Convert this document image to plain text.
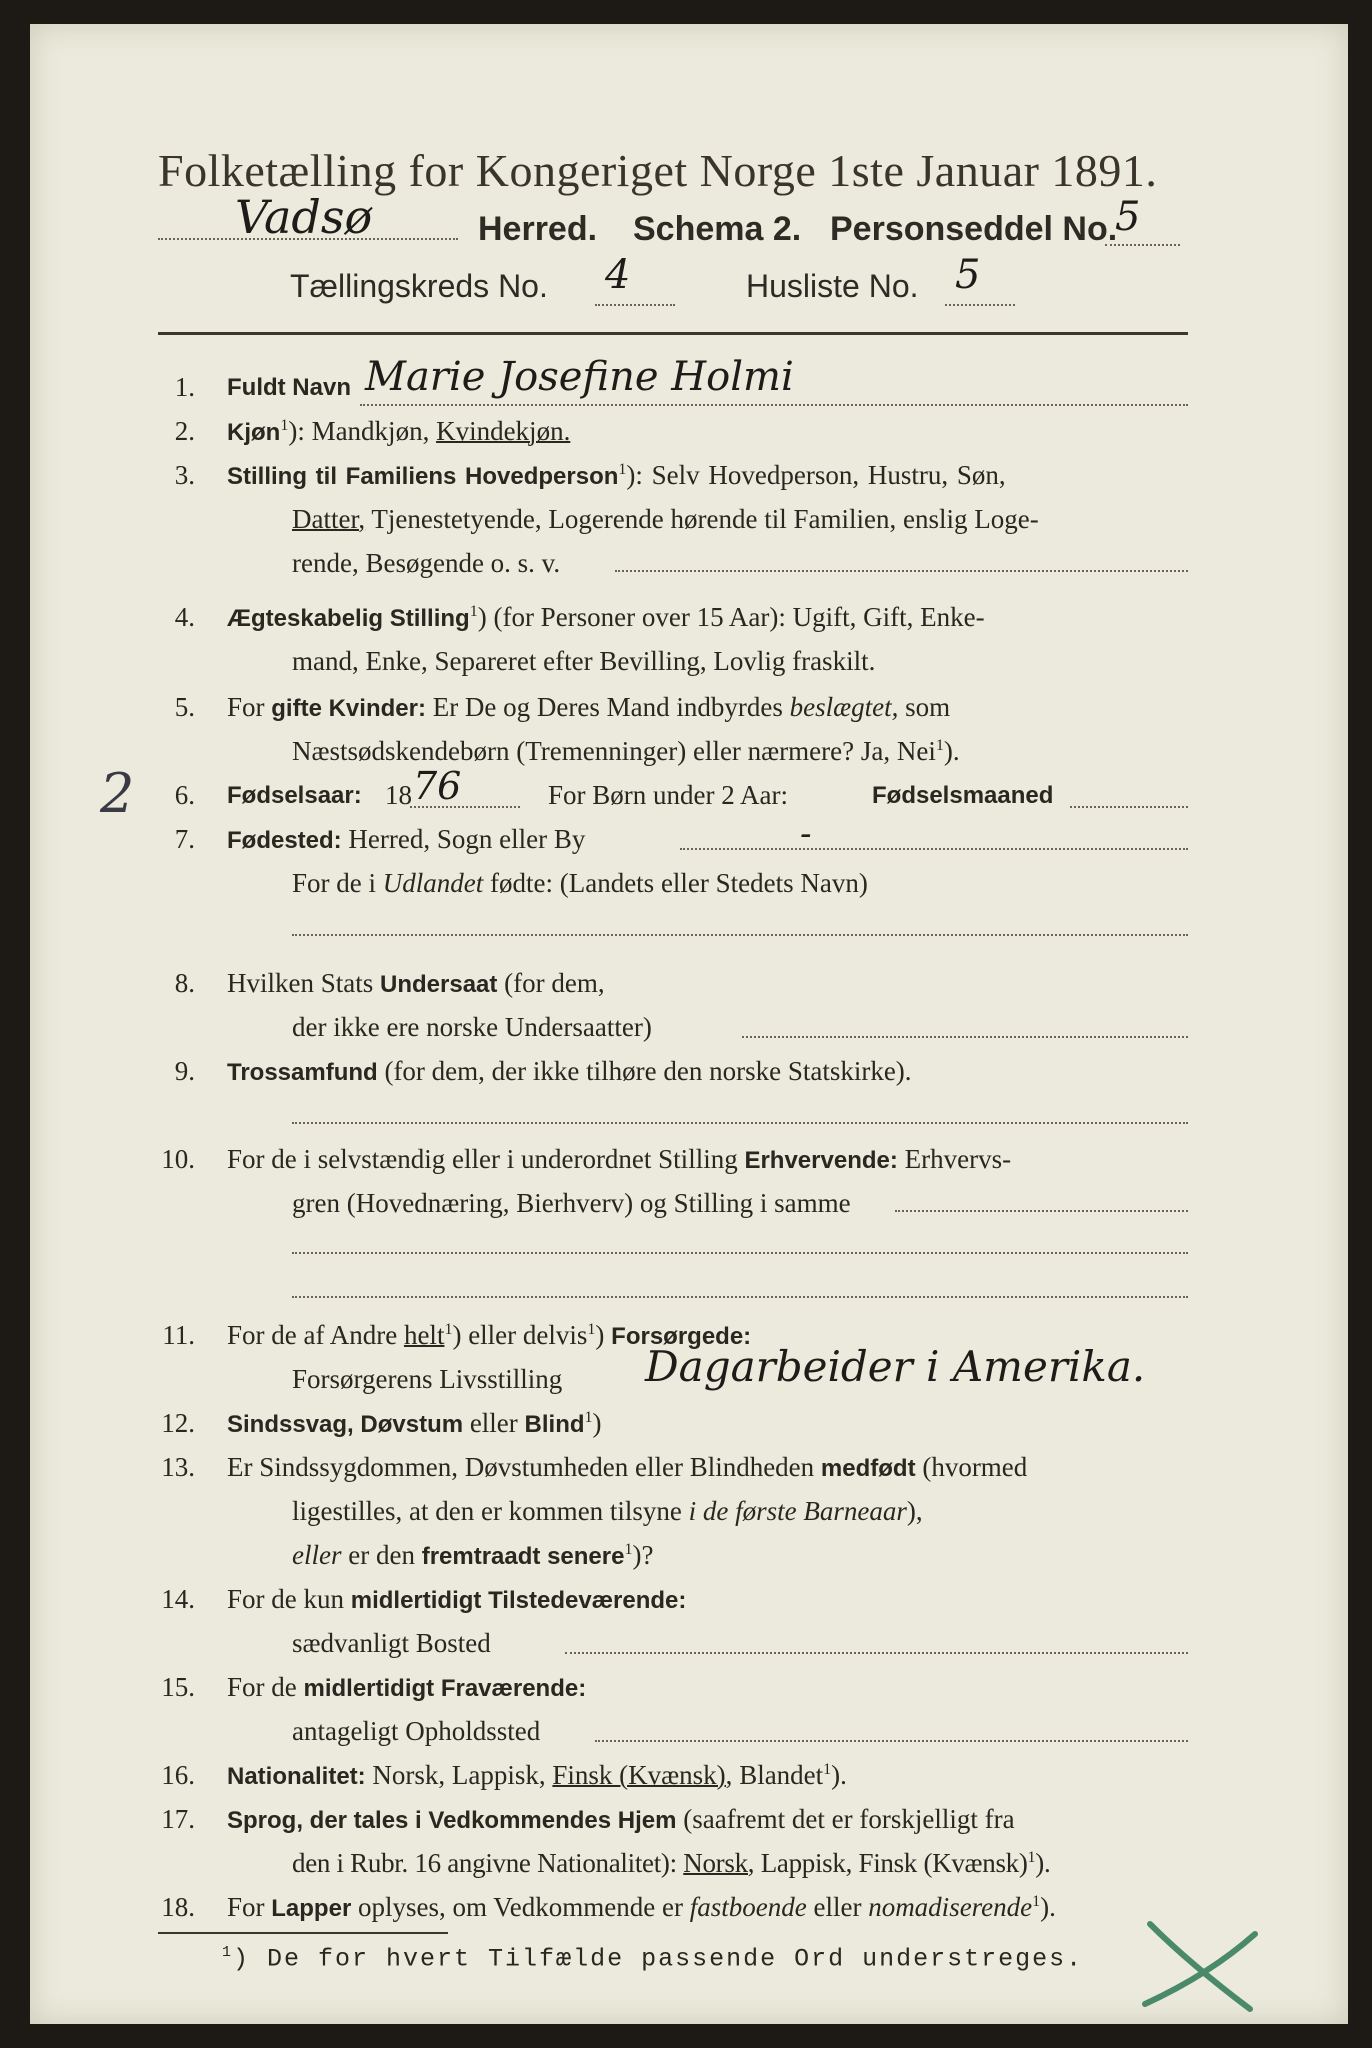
Folketælling for Kongeriget Norge 1ste Januar 1891.
Vadsø	Herred. Schema 2. Personseddel No.
5
Tællingskreds No. 4	Husliste No. 5
1. Fuldt Navn Marie Josefine Holmi
2. Kjøn$^1$): Mandkjøn, Kvindekjøn.
3. Stilling til Familiens Hovedperson$^1$): Selv Hovedperson, Hustru, Søn,
Datter, Tjenestetyende, Logerende hørende til Familien, enslig Loge-
rende, Besøgende o. s. v.
4. Ægteskabelig Stilling$^1$) (for Personer over 15 Aar): Ugift, Gift, Enke-
mand, Enke, Separeret efter Bevilling, Lovlig fraskilt.
5. For gifte Kvinder: Er De og Deres Mand indbyrdes beslægtet, som
Næstsødskendebørn (Tremenninger) eller nærmere? Ja, Nei$^1$).
2	6. Fødselsaar: 18 76	For Børn under 2 Aar:	Fødselsmaaned
7. Fødested: Herred, Sogn eller By	-
For de i Udlandet fødte: (Landets eller Stedets Navn)
8. Hvilken Stats Undersaat (for dem,
der ikke ere norske Undersaatter)
9. Trossamfund (for dem, der ikke tilhøre den norske Statskirke).
10. For de i selvstændig eller i underordnet Stilling Erhvervende: Erhvervs-
gren (Hovednæring, Bierhverv) og Stilling i samme
11. For de af Andre helt$^1$) eller delvis$^1$) Forsørgede:
Forsørgerens Livsstilling Dagarbeider i Amerika.
12. Sindssvag, Døvstum eller Blind$^1$)
13. Er Sindssygdommen, Døvstumheden eller Blindheden medfødt (hvormed
ligestilles, at den er kommen tilsyne i de første Barneaar),
eller er den fremtraadt senere$^1$)?
14. For de kun midlertidigt Tilstedeværende:
sædvanligt Bosted
15. For de midlertidigt Fraværende:
antageligt Opholdssted
16. Nationalitet: Norsk, Lappisk, Finsk (Kvænsk), Blandet$^1$).
17. Sprog, der tales i Vedkommendes Hjem (saafremt det er forskjelligt fra
den i Rubr. 16 angivne Nationalitet): Norsk, Lappisk, Finsk (Kvænsk)$^1$).
18. For Lapper oplyses, om Vedkommende er fastboende eller nomadiserende$^1$).
$^1$) De for hvert Tilfælde passende Ord understreges.
